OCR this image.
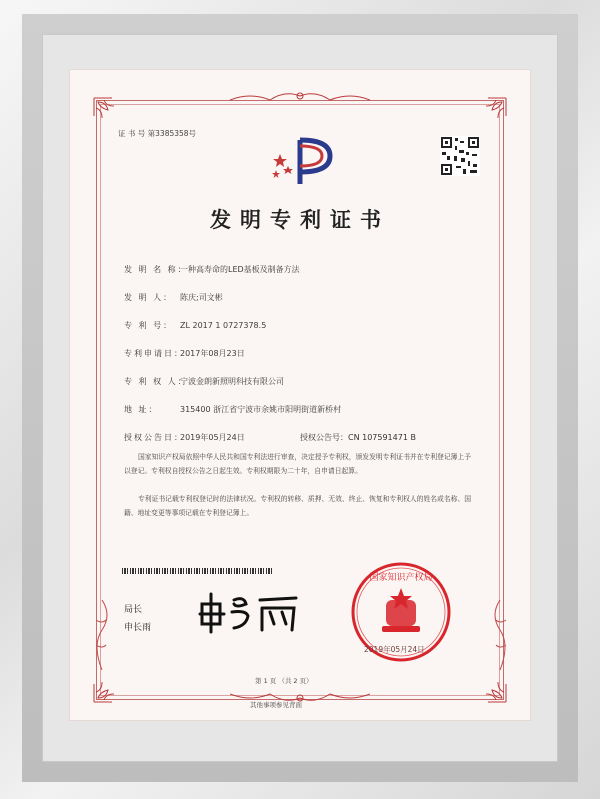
证 书 号 第3385358号
发明专利证书
发 明 名 称：一种高寿命的LED基板及制备方法
发 明 人： 陈庆;司文彬
专 利 号： ZL 2017 1 0727378.5
专利申请日：2017年08月23日
专 利 权 人：宁波金朗新照明科技有限公司
地 址：	315400 浙江省宁波市余姚市阳明街道新桥村
授权公告日：2019年05月24日	授权公告号：CN 107591471 B
国家知识产权局依照中华人民共和国专利法进行审查，决定授予专利权，颁发发明专利证书并在专利登记簿上予以登记。专利权自授权公告之日起生效。专利权期限为二十年，自申请日起算。
专利证书记载专利权登记时的法律状况。专利权的转移、质押、无效、终止、恢复和专利权人的姓名或名称、国籍、地址变更等事项记载在专利登记簿上。
局长
申长雨
国家知识产权局
2019年05月24日
第 1 页 （共 2 页）
其他事项参见背面
